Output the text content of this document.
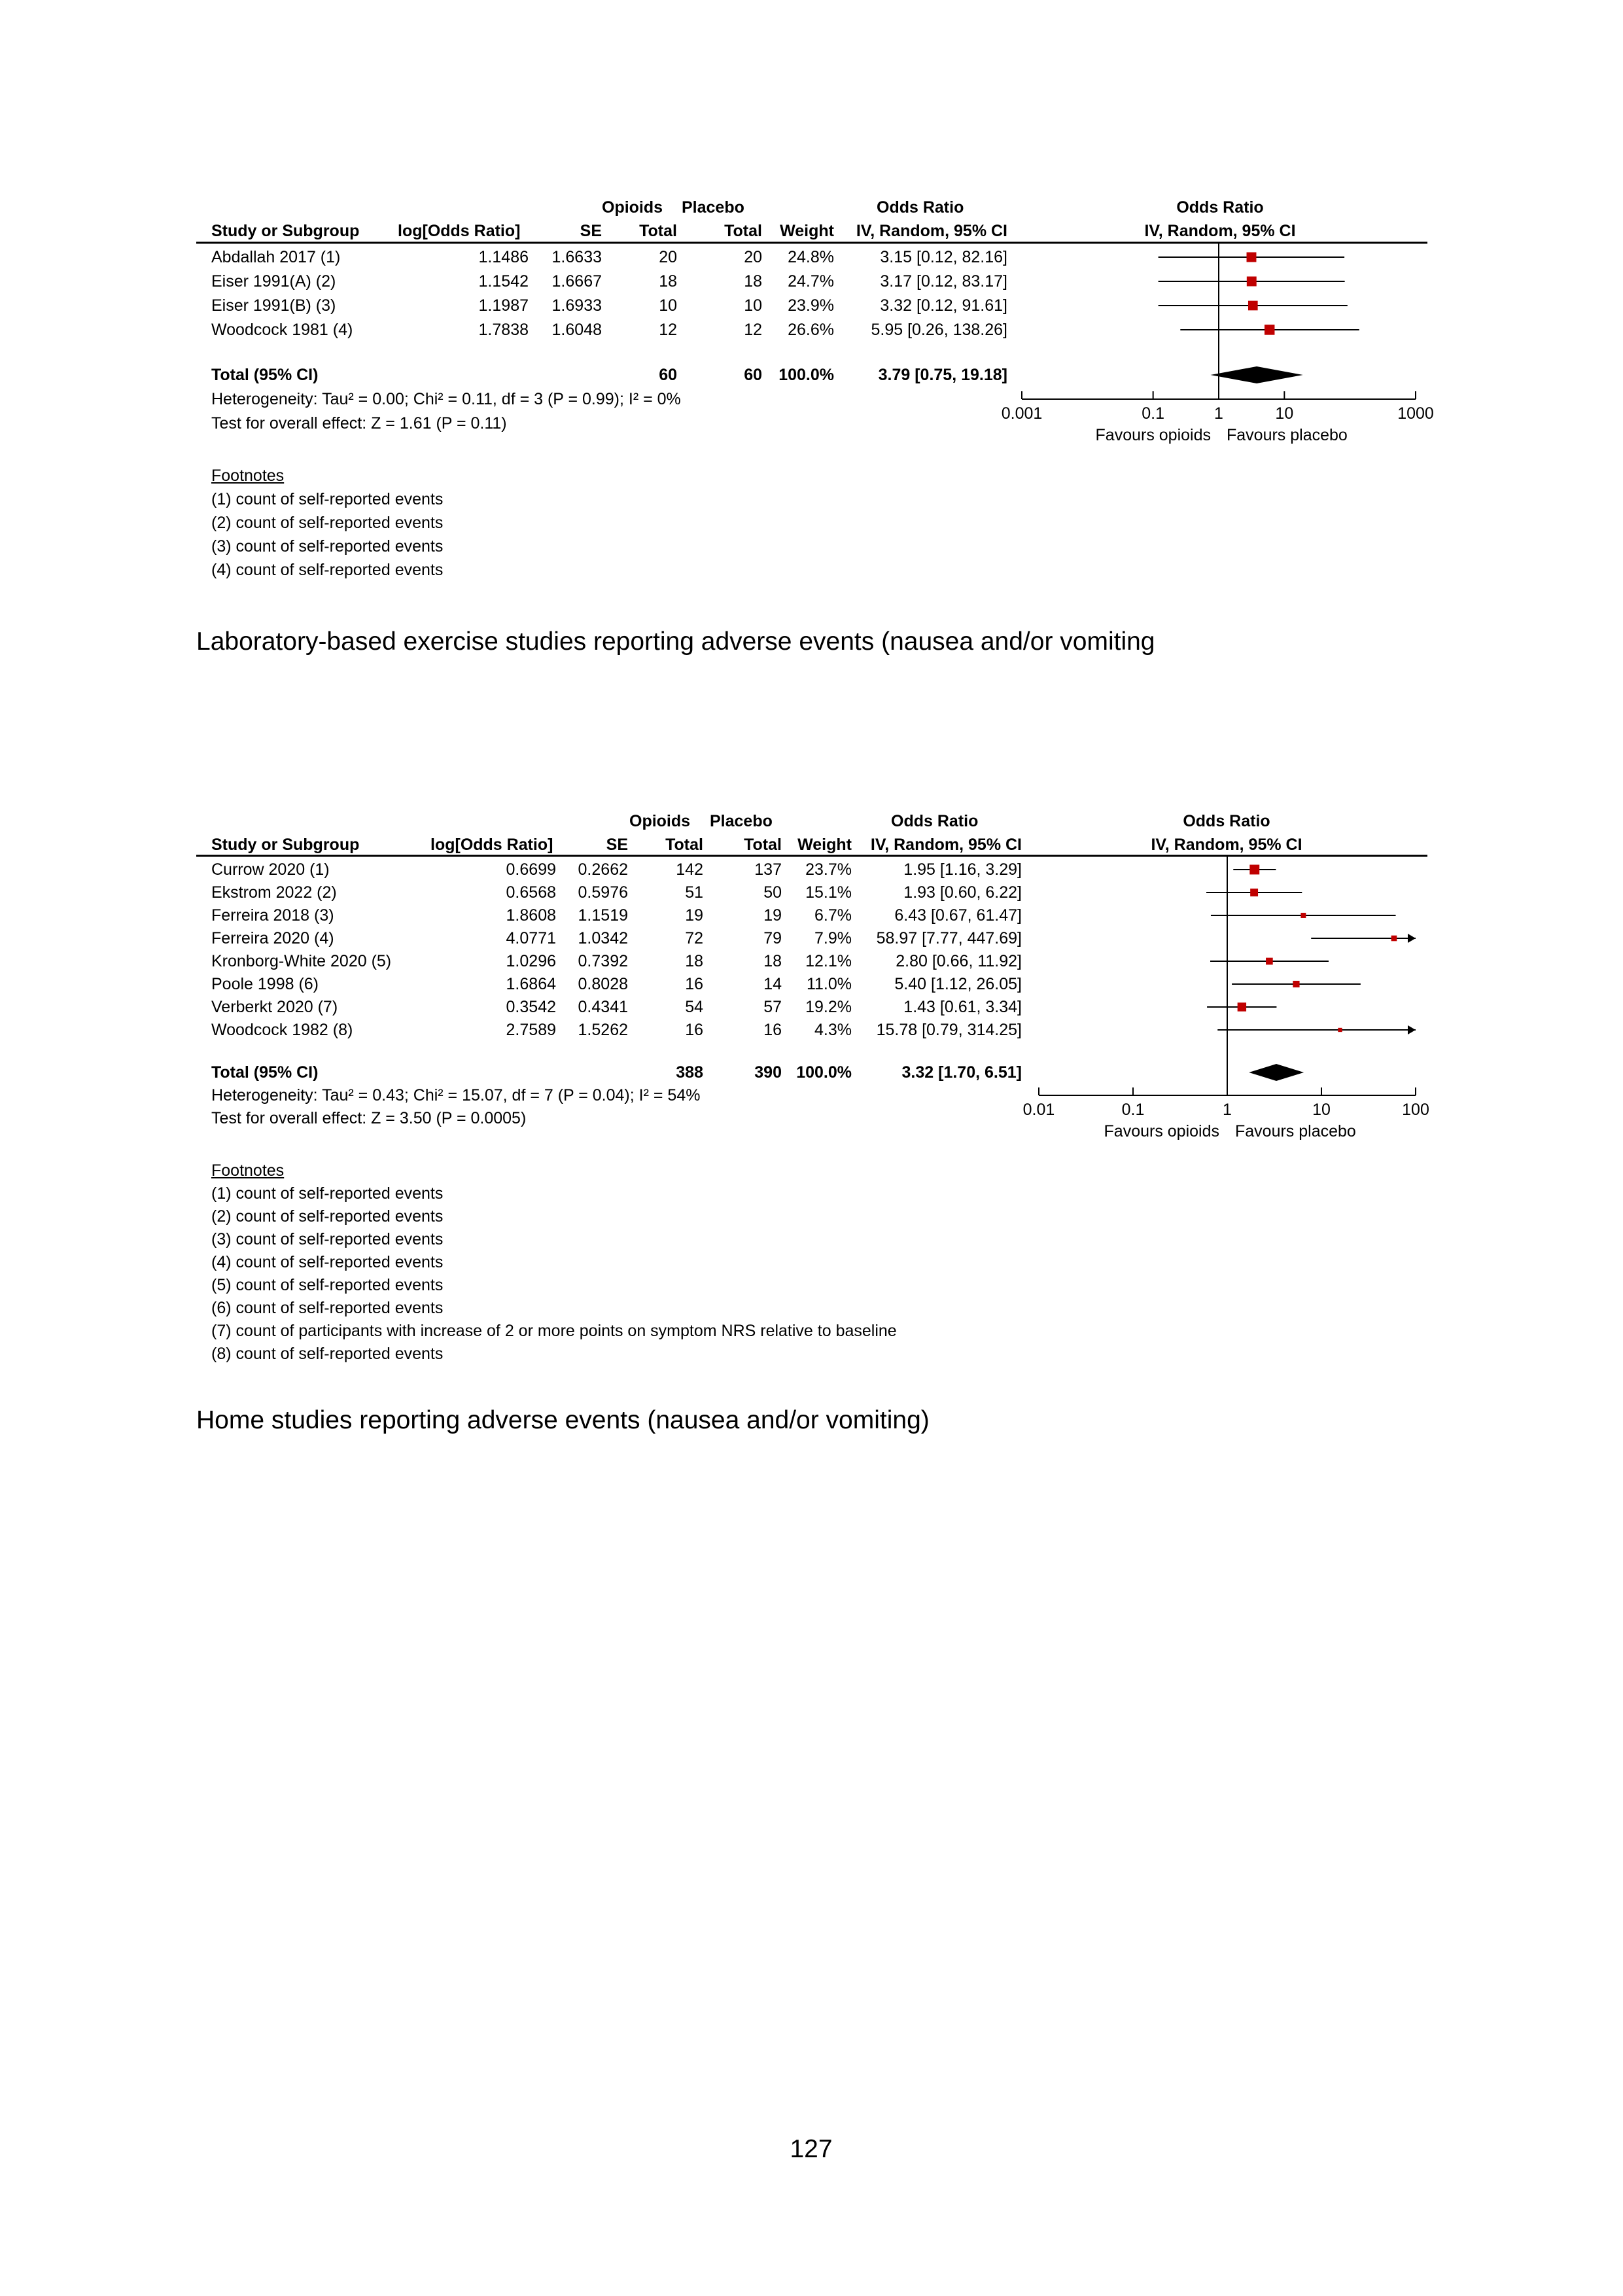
Opioids Placebo	Odds Ratio	Odds Ratio
Study or Subgroup log[Odds Ratio]	SE	Total	Total	Weight	IV, Random, 95% CI	IV, Random, 95% CI
Abdallah 2017 (1)	1.1486	1.6633	20	20	24.8%	3.15 [0.12, 82.16]
Eiser 1991(A) (2)	1.1542	1.6667	18	18	24.7%	3.17 [0.12, 83.17]
Eiser 1991(B) (3)	1.1987	1.6933	10	10	23.9%	3.32 [0.12, 91.61]
Woodcock 1981 (4)	1.7838	1.6048	12	12	26.6%	5.95 [0.26, 138.26]
Total (95% CI)	60	60	100.0%	3.79 [0.75, 19.18]
Heterogeneity: Tau² = 0.00; Chi² = 0.11, df = 3 (P = 0.99); I² = 0%
Test for overall effect: Z = 1.61 (P = 0.11)
Footnotes
(1) count of self-reported events
(2) count of self-reported events
(3) count of self-reported events
(4) count of self-reported events
0.001	0.1	1	10	1000
Favours opioids Favours placebo
Laboratory-based exercise studies reporting adverse events (nausea and/or vomiting
Opioids Placebo	Odds Ratio	Odds Ratio
Study or Subgroup	log[Odds Ratio]	SE	Total	Total Weight	IV, Random, 95% CI	IV, Random, 95% CI
Currow 2020 (1)	0.6699	0.2662	142	137	23.7%	1.95 [1.16, 3.29]
Ekstrom 2022 (2)	0.6568	0.5976	51	50	15.1%	1.93 [0.60, 6.22]
Ferreira 2018 (3)	1.8608	1.1519	19	19	6.7%	6.43 [0.67, 61.47]
Ferreira 2020 (4)	4.0771	1.0342	72	79	7.9%	58.97 [7.77, 447.69]
Kronborg-White 2020 (5)	1.0296	0.7392	18	18	12.1%	2.80 [0.66, 11.92]
Poole 1998 (6)	1.6864	0.8028	16	14	11.0%	5.40 [1.12, 26.05]
Verberkt 2020 (7)	0.3542	0.4341	54	57	19.2%	1.43 [0.61, 3.34]
Woodcock 1982 (8)	2.7589	1.5262	16	16	4.3%	15.78 [0.79, 314.25]
Total (95% CI)	388	390 100.0%	3.32 [1.70, 6.51]
Heterogeneity: Tau² = 0.43; Chi² = 15.07, df = 7 (P = 0.04); I² = 54%
Test for overall effect: Z = 3.50 (P = 0.0005)
Footnotes
(1) count of self-reported events
(2) count of self-reported events
(3) count of self-reported events
(4) count of self-reported events
(5) count of self-reported events
(6) count of self-reported events
(7) count of participants with increase of 2 or more points on symptom NRS relative to baseline
(8) count of self-reported events
0.01	0.1	1	10	100
Favours opioids Favours placebo
Home studies reporting adverse events (nausea and/or vomiting)
127
